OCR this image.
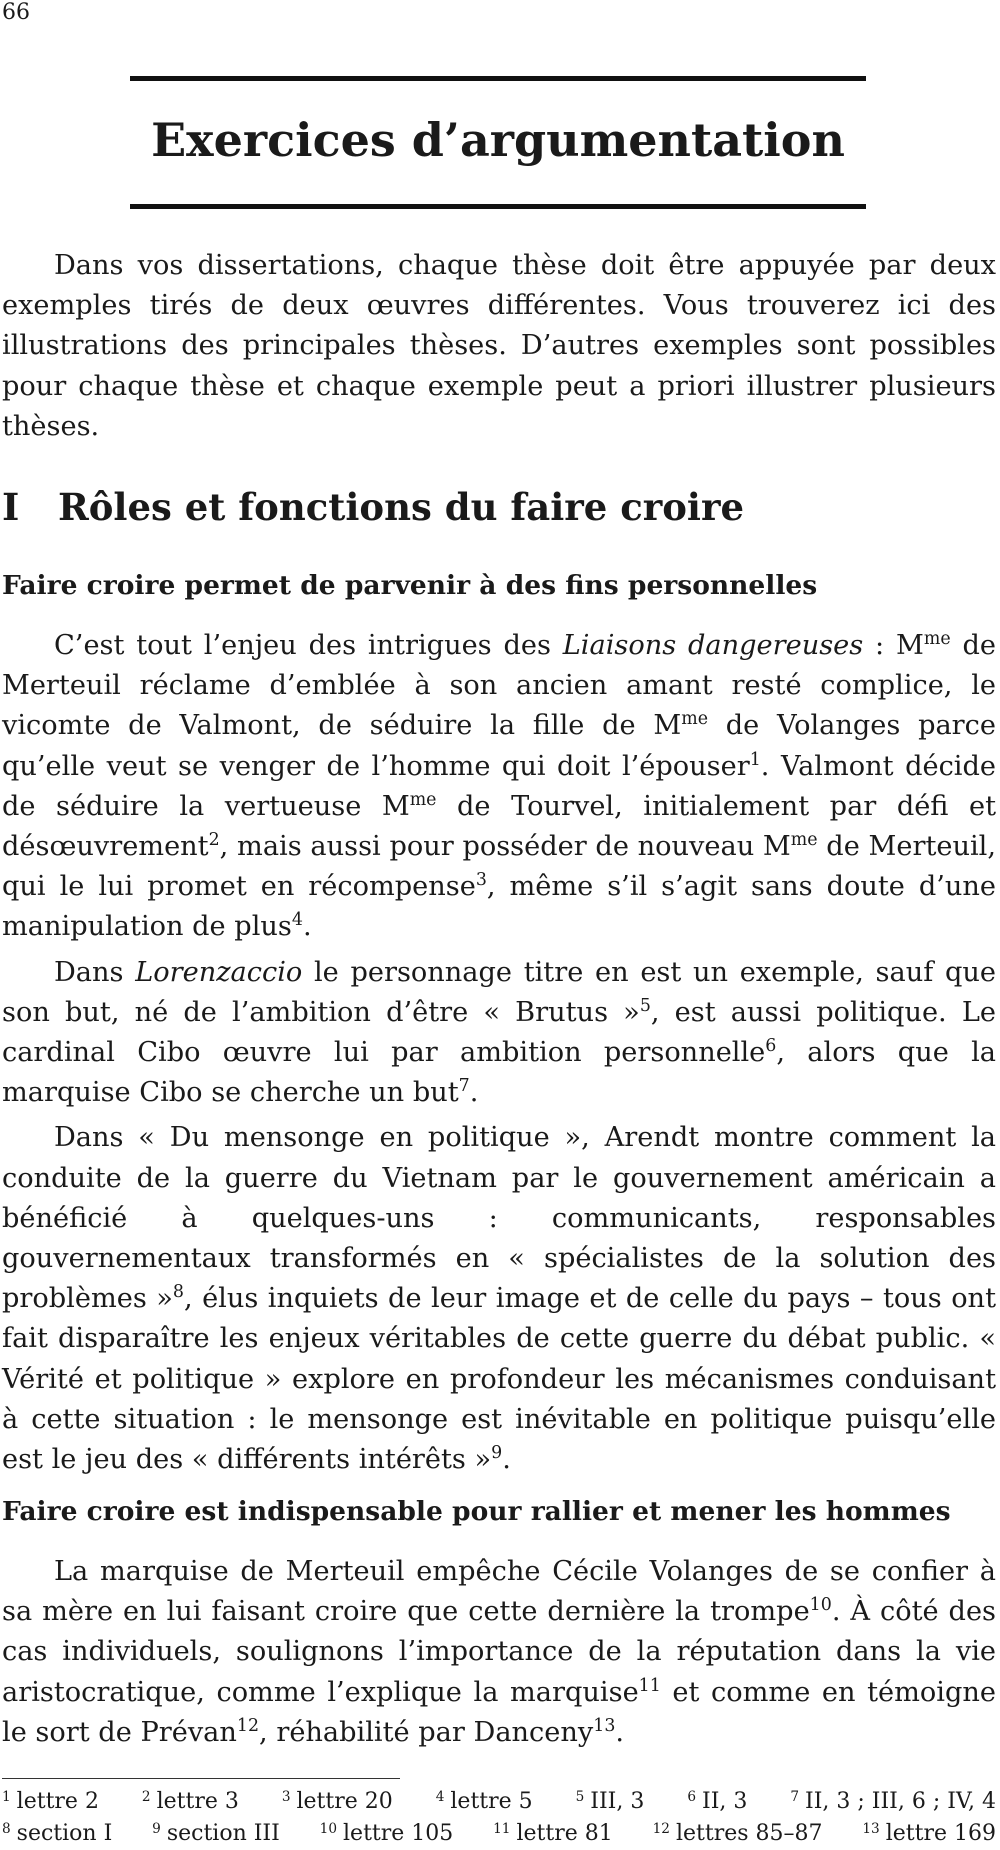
66
Exercices d’argumentation

Dans vos dissertations, chaque thèse doit être appuyée par deux exemples tirés de deux œuvres différentes. Vous trouverez ici des illustrations des principales thèses. D’autres exemples sont possibles pour chaque thèse et chaque exemple peut a priori illustrer plusieurs thèses.

I Rôles et fonctions du faire croire
Faire croire permet de parvenir à des fins personnelles

C’est tout l’enjeu des intrigues des Liaisons dangereuses : $M^{me}$ de Merteuil réclame d’emblée à son ancien amant resté complice, le vicomte de Valmont, de séduire la fille de $M^{me}$ de Volanges parce qu’elle veut se venger de l’homme qui doit l’épouser$^1$. Valmont décide de séduire la vertueuse $M^{me}$ de Tourvel, initialement par défi et désœuvrement$^2$, mais aussi pour posséder de nouveau $M^{me}$ de Merteuil, qui le lui promet en récompense$^3$, même s’il s’agit sans doute d’une manipulation de plus$^4$.

Dans Lorenzaccio le personnage titre en est un exemple, sauf que son but, né de l’ambition d’être « Brutus »$^5$, est aussi politique. Le cardinal Cibo œuvre lui par ambition personnelle$^6$, alors que la marquise Cibo se cherche un but$^7$.

Dans « Du mensonge en politique », Arendt montre comment la conduite de la guerre du Vietnam par le gouvernement américain a bénéficié à quelques-uns : communicants, responsables gouvernementaux transformés en « spécialistes de la solution des problèmes »$^8$, élus inquiets de leur image et de celle du pays – tous ont fait disparaître les enjeux véritables de cette guerre du débat public. « Vérité et politique » explore en profondeur les mécanismes conduisant à cette situation : le mensonge est inévitable en politique puisqu’elle est le jeu des « différents intérêts »$^9$.

Faire croire est indispensable pour rallier et mener les hommes

La marquise de Merteuil empêche Cécile Volanges de se confier à sa mère en lui faisant croire que cette dernière la trompe$^{10}$. À côté des cas individuels, soulignons l’importance de la réputation dans la vie aristocratique, comme l’explique la marquise$^{11}$ et comme en témoigne le sort de Prévan$^{12}$, réhabilité par Danceny$^{13}$.

$^1$ lettre 2	$^2$ lettre 3	$^3$ lettre 20	$^4$ lettre 5	$^5$ III, 3	$^6$ II, 3	$^7$ II, 3 ; III, 6 ; IV, 4
$^8$ section I	$^9$ section III	$^{10}$ lettre 105	$^{11}$ lettre 81	$^{12}$ lettres 85–87	$^{13}$ lettre 169
